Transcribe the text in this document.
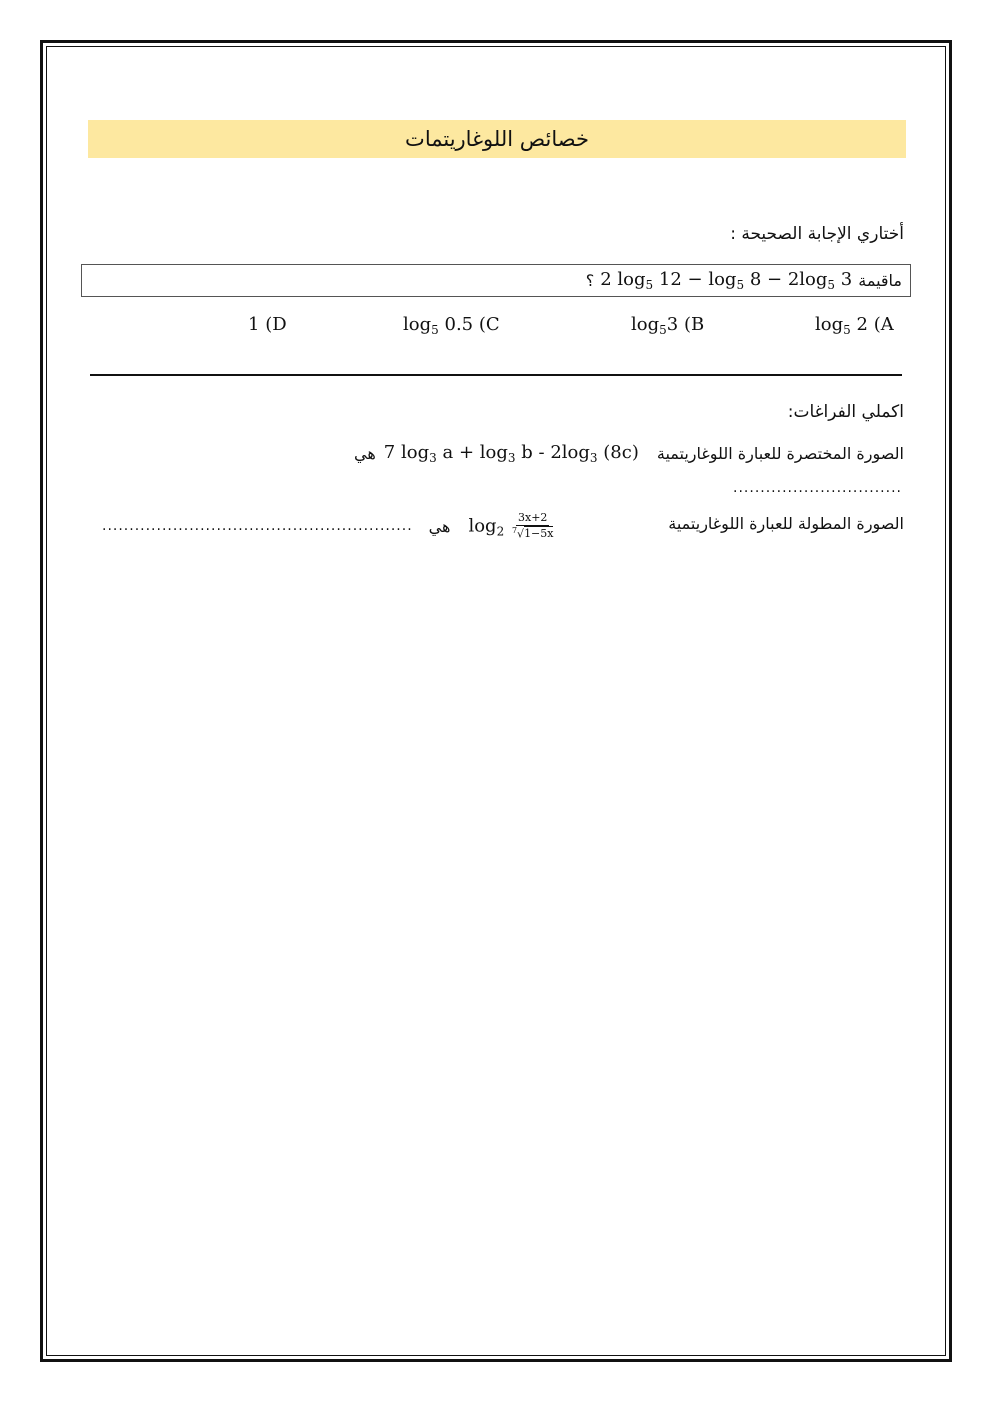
خصائص اللوغاريتمات
أختاري الإجابة الصحيحة :
؟ 2 $\log_5 12 - \log_5 8 - 2\log_5$ 3 ماقيمة
$\log_5 2$ (A
$\log_53$ (B
$\log_5 0.5$ (C
1 (D
اكملي الفراغات:
هي 7 $\log_3 a + \log_3 b - 2\log_3$ (8c) الصورة المختصرة للعبارة اللوغاريتمية
...............................
الصورة المطولة للعبارة اللوغاريتمية
......................................................... هي $\log_2 \frac{3x+2}{^7√1-5x}$
